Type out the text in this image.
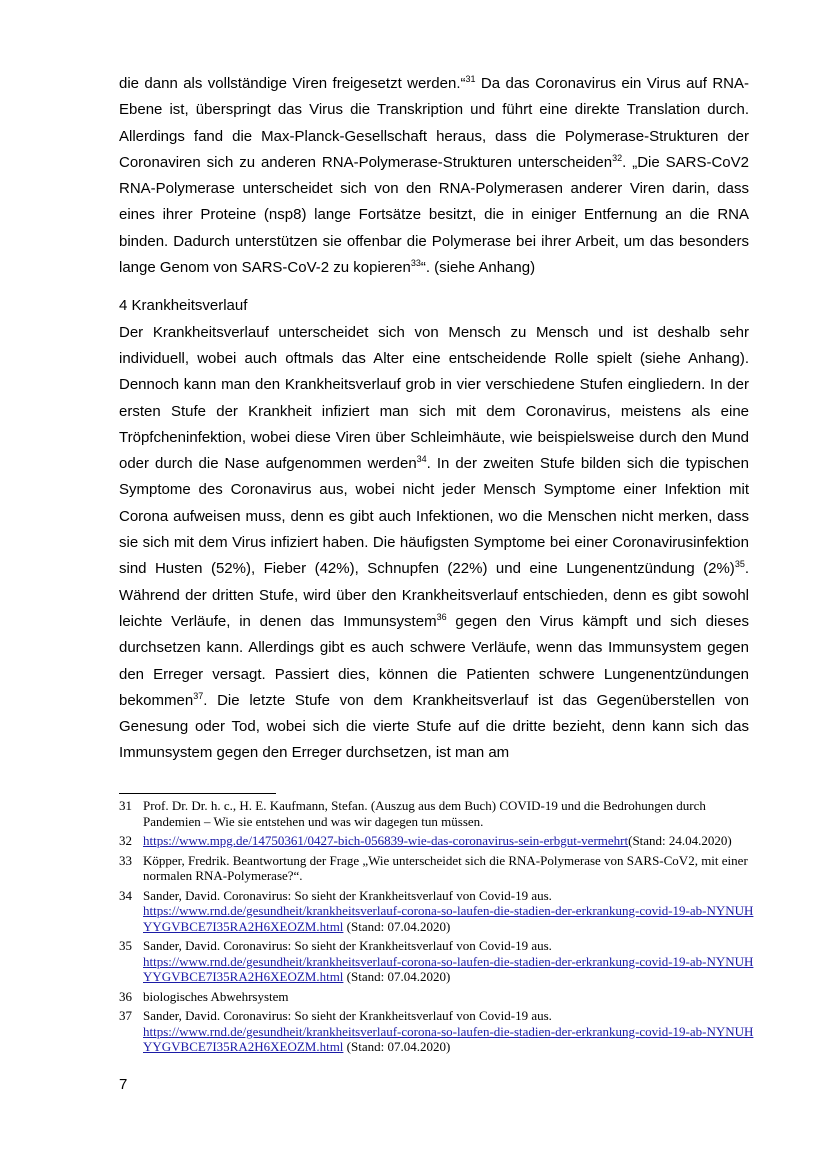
die dann als vollständige Viren freigesetzt werden.“$^{31}$ Da das Coronavirus ein Virus auf RNA-Ebene ist, überspringt das Virus die Transkription und führt eine direkte Translation durch. Allerdings fand die Max-Planck-Gesellschaft heraus, dass die Polymerase-Strukturen der Coronaviren sich zu anderen RNA-Polymerase-Strukturen unterscheiden$^{32}$. „Die SARS-CoV2 RNA-Polymerase unterscheidet sich von den RNA-Polymerasen anderer Viren darin, dass eines ihrer Proteine (nsp8) lange Fortsätze besitzt, die in einiger Entfernung an die RNA binden. Dadurch unterstützen sie offenbar die Polymerase bei ihrer Arbeit, um das besonders lange Genom von SARS-CoV-2 zu kopieren$^{33}$“. (siehe Anhang)

4 Krankheitsverlauf

Der Krankheitsverlauf unterscheidet sich von Mensch zu Mensch und ist deshalb sehr individuell, wobei auch oftmals das Alter eine entscheidende Rolle spielt (siehe Anhang). Dennoch kann man den Krankheitsverlauf grob in vier verschiedene Stufen eingliedern. In der ersten Stufe der Krankheit infiziert man sich mit dem Coronavirus, meistens als eine Tröpfcheninfektion, wobei diese Viren über Schleimhäute, wie beispielsweise durch den Mund oder durch die Nase aufgenommen werden$^{34}$. In der zweiten Stufe bilden sich die typischen Symptome des Coronavirus aus, wobei nicht jeder Mensch Symptome einer Infektion mit Corona aufweisen muss, denn es gibt auch Infektionen, wo die Menschen nicht merken, dass sie sich mit dem Virus infiziert haben. Die häufigsten Symptome bei einer Coronavirusinfektion sind Husten (52%), Fieber (42%), Schnupfen (22%) und eine Lungenentzündung $(2\%)^{35}$. Während der dritten Stufe, wird über den Krankheitsverlauf entschieden, denn es gibt sowohl leichte Verläufe, in denen das Immunsystem$^{36}$ gegen den Virus kämpft und sich dieses durchsetzen kann. Allerdings gibt es auch schwere Verläufe, wenn das Immunsystem gegen den Erreger versagt. Passiert dies, können die Patienten schwere Lungenentzündungen bekommen$^{37}$. Die letzte Stufe von dem Krankheitsverlauf ist das Gegenüberstellen von Genesung oder Tod, wobei sich die vierte Stufe auf die dritte bezieht, denn kann sich das Immunsystem gegen den Erreger durchsetzen, ist man am

31 Prof. Dr. Dr. h. c., H. E. Kaufmann, Stefan. (Auszug aus dem Buch) COVID-19 und die Bedrohungen durch Pandemien – Wie sie entstehen und was wir dagegen tun müssen.
32 https://www.mpg.de/14750361/0427-bich-056839-wie-das-coronavirus-sein-erbgut-vermehrt(Stand: 24.04.2020)
33 Köpper, Fredrik. Beantwortung der Frage „Wie unterscheidet sich die RNA-Polymerase von SARS-CoV2, mit einer normalen RNA-Polymerase?“.
34 Sander, David. Coronavirus: So sieht der Krankheitsverlauf von Covid-19 aus.
https://www.rnd.de/gesundheit/krankheitsverlauf-corona-so-laufen-die-stadien-der-erkrankung-covid-19-ab-NYNUHYYGVBCE7I35RA2H6XEOZM.html (Stand: 07.04.2020)
35 Sander, David. Coronavirus: So sieht der Krankheitsverlauf von Covid-19 aus.
https://www.rnd.de/gesundheit/krankheitsverlauf-corona-so-laufen-die-stadien-der-erkrankung-covid-19-ab-NYNUHYYGVBCE7I35RA2H6XEOZM.html (Stand: 07.04.2020)
36 biologisches Abwehrsystem
37 Sander, David. Coronavirus: So sieht der Krankheitsverlauf von Covid-19 aus.
https://www.rnd.de/gesundheit/krankheitsverlauf-corona-so-laufen-die-stadien-der-erkrankung-covid-19-ab-NYNUHYYGVBCE7I35RA2H6XEOZM.html (Stand: 07.04.2020)
7
